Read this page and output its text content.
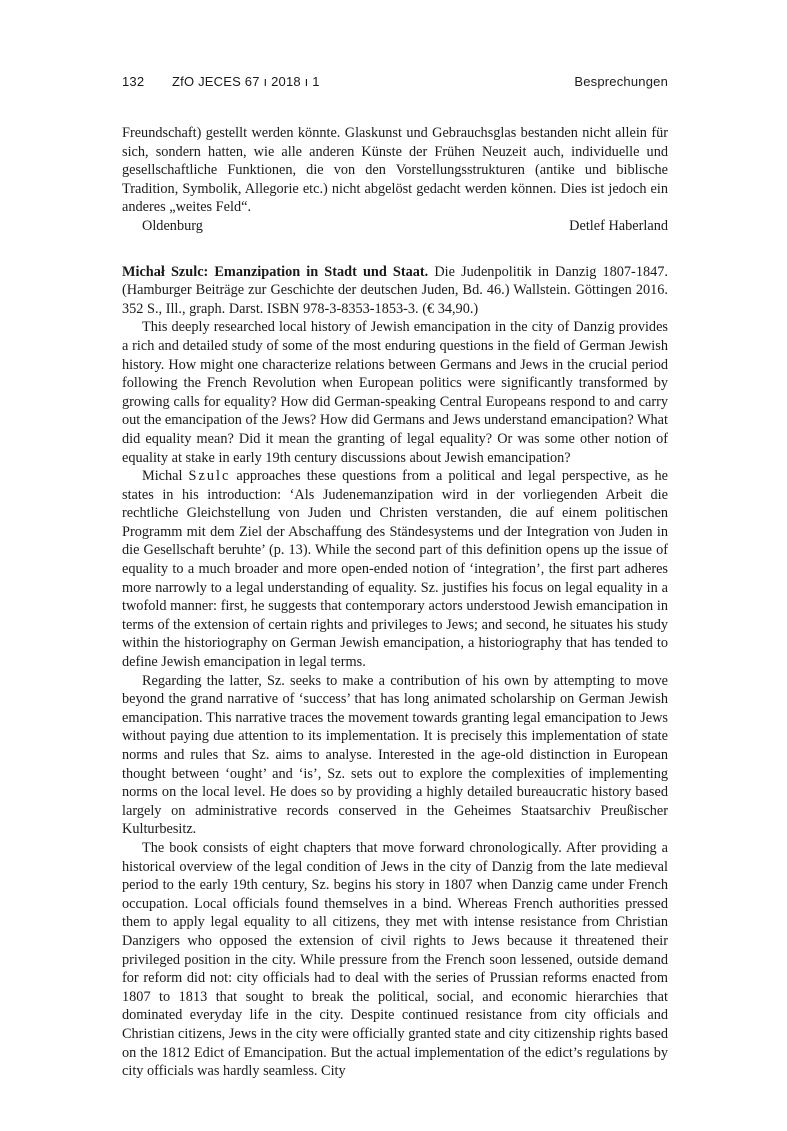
132 ZfO JECES 67 ı 2018 ı 1	Besprechungen

Freundschaft) gestellt werden könnte. Glaskunst und Gebrauchsglas bestanden nicht allein für sich, sondern hatten, wie alle anderen Künste der Frühen Neuzeit auch, individuelle und gesellschaftliche Funktionen, die von den Vorstellungsstrukturen (antike und biblische Tradition, Symbolik, Allegorie etc.) nicht abgelöst gedacht werden können. Dies ist jedoch ein anderes „weites Feld“.

Oldenburg	Detlef Haberland

Michał Szulc: Emanzipation in Stadt und Staat. Die Judenpolitik in Danzig 1807-1847. (Hamburger Beiträge zur Geschichte der deutschen Juden, Bd. 46.) Wallstein. Göttingen 2016. 352 S., Ill., graph. Darst. ISBN 978-3-8353-1853-3. (€ 34,90.)

This deeply researched local history of Jewish emancipation in the city of Danzig provides a rich and detailed study of some of the most enduring questions in the field of German Jewish history. How might one characterize relations between Germans and Jews in the crucial period following the French Revolution when European politics were significantly transformed by growing calls for equality? How did German-speaking Central Europeans respond to and carry out the emancipation of the Jews? How did Germans and Jews understand emancipation? What did equality mean? Did it mean the granting of legal equality? Or was some other notion of equality at stake in early 19th century discussions about Jewish emancipation?

Michal Szulc approaches these questions from a political and legal perspective, as he states in his introduction: ‘Als Judenemanzipation wird in der vorliegenden Arbeit die rechtliche Gleichstellung von Juden und Christen verstanden, die auf einem politischen Programm mit dem Ziel der Abschaffung des Ständesystems und der Integration von Juden in die Gesellschaft beruhte’ (p. 13). While the second part of this definition opens up the issue of equality to a much broader and more open-ended notion of ‘integration’, the first part adheres more narrowly to a legal understanding of equality. Sz. justifies his focus on legal equality in a twofold manner: first, he suggests that contemporary actors understood Jewish emancipation in terms of the extension of certain rights and privileges to Jews; and second, he situates his study within the historiography on German Jewish emancipation, a historiography that has tended to define Jewish emancipation in legal terms.

Regarding the latter, Sz. seeks to make a contribution of his own by attempting to move beyond the grand narrative of ‘success’ that has long animated scholarship on German Jewish emancipation. This narrative traces the movement towards granting legal emancipation to Jews without paying due attention to its implementation. It is precisely this implementation of state norms and rules that Sz. aims to analyse. Interested in the age-old distinction in European thought between ‘ought’ and ‘is’, Sz. sets out to explore the complexities of implementing norms on the local level. He does so by providing a highly detailed bureaucratic history based largely on administrative records conserved in the Geheimes Staatsarchiv Preußischer Kulturbesitz.

The book consists of eight chapters that move forward chronologically. After providing a historical overview of the legal condition of Jews in the city of Danzig from the late medieval period to the early 19th century, Sz. begins his story in 1807 when Danzig came under French occupation. Local officials found themselves in a bind. Whereas French authorities pressed them to apply legal equality to all citizens, they met with intense resistance from Christian Danzigers who opposed the extension of civil rights to Jews because it threatened their privileged position in the city. While pressure from the French soon lessened, outside demand for reform did not: city officials had to deal with the series of Prussian reforms enacted from 1807 to 1813 that sought to break the political, social, and economic hierarchies that dominated everyday life in the city. Despite continued resistance from city officials and Christian citizens, Jews in the city were officially granted state and city citizenship rights based on the 1812 Edict of Emancipation. But the actual implementation of the edict’s regulations by city officials was hardly seamless. City
